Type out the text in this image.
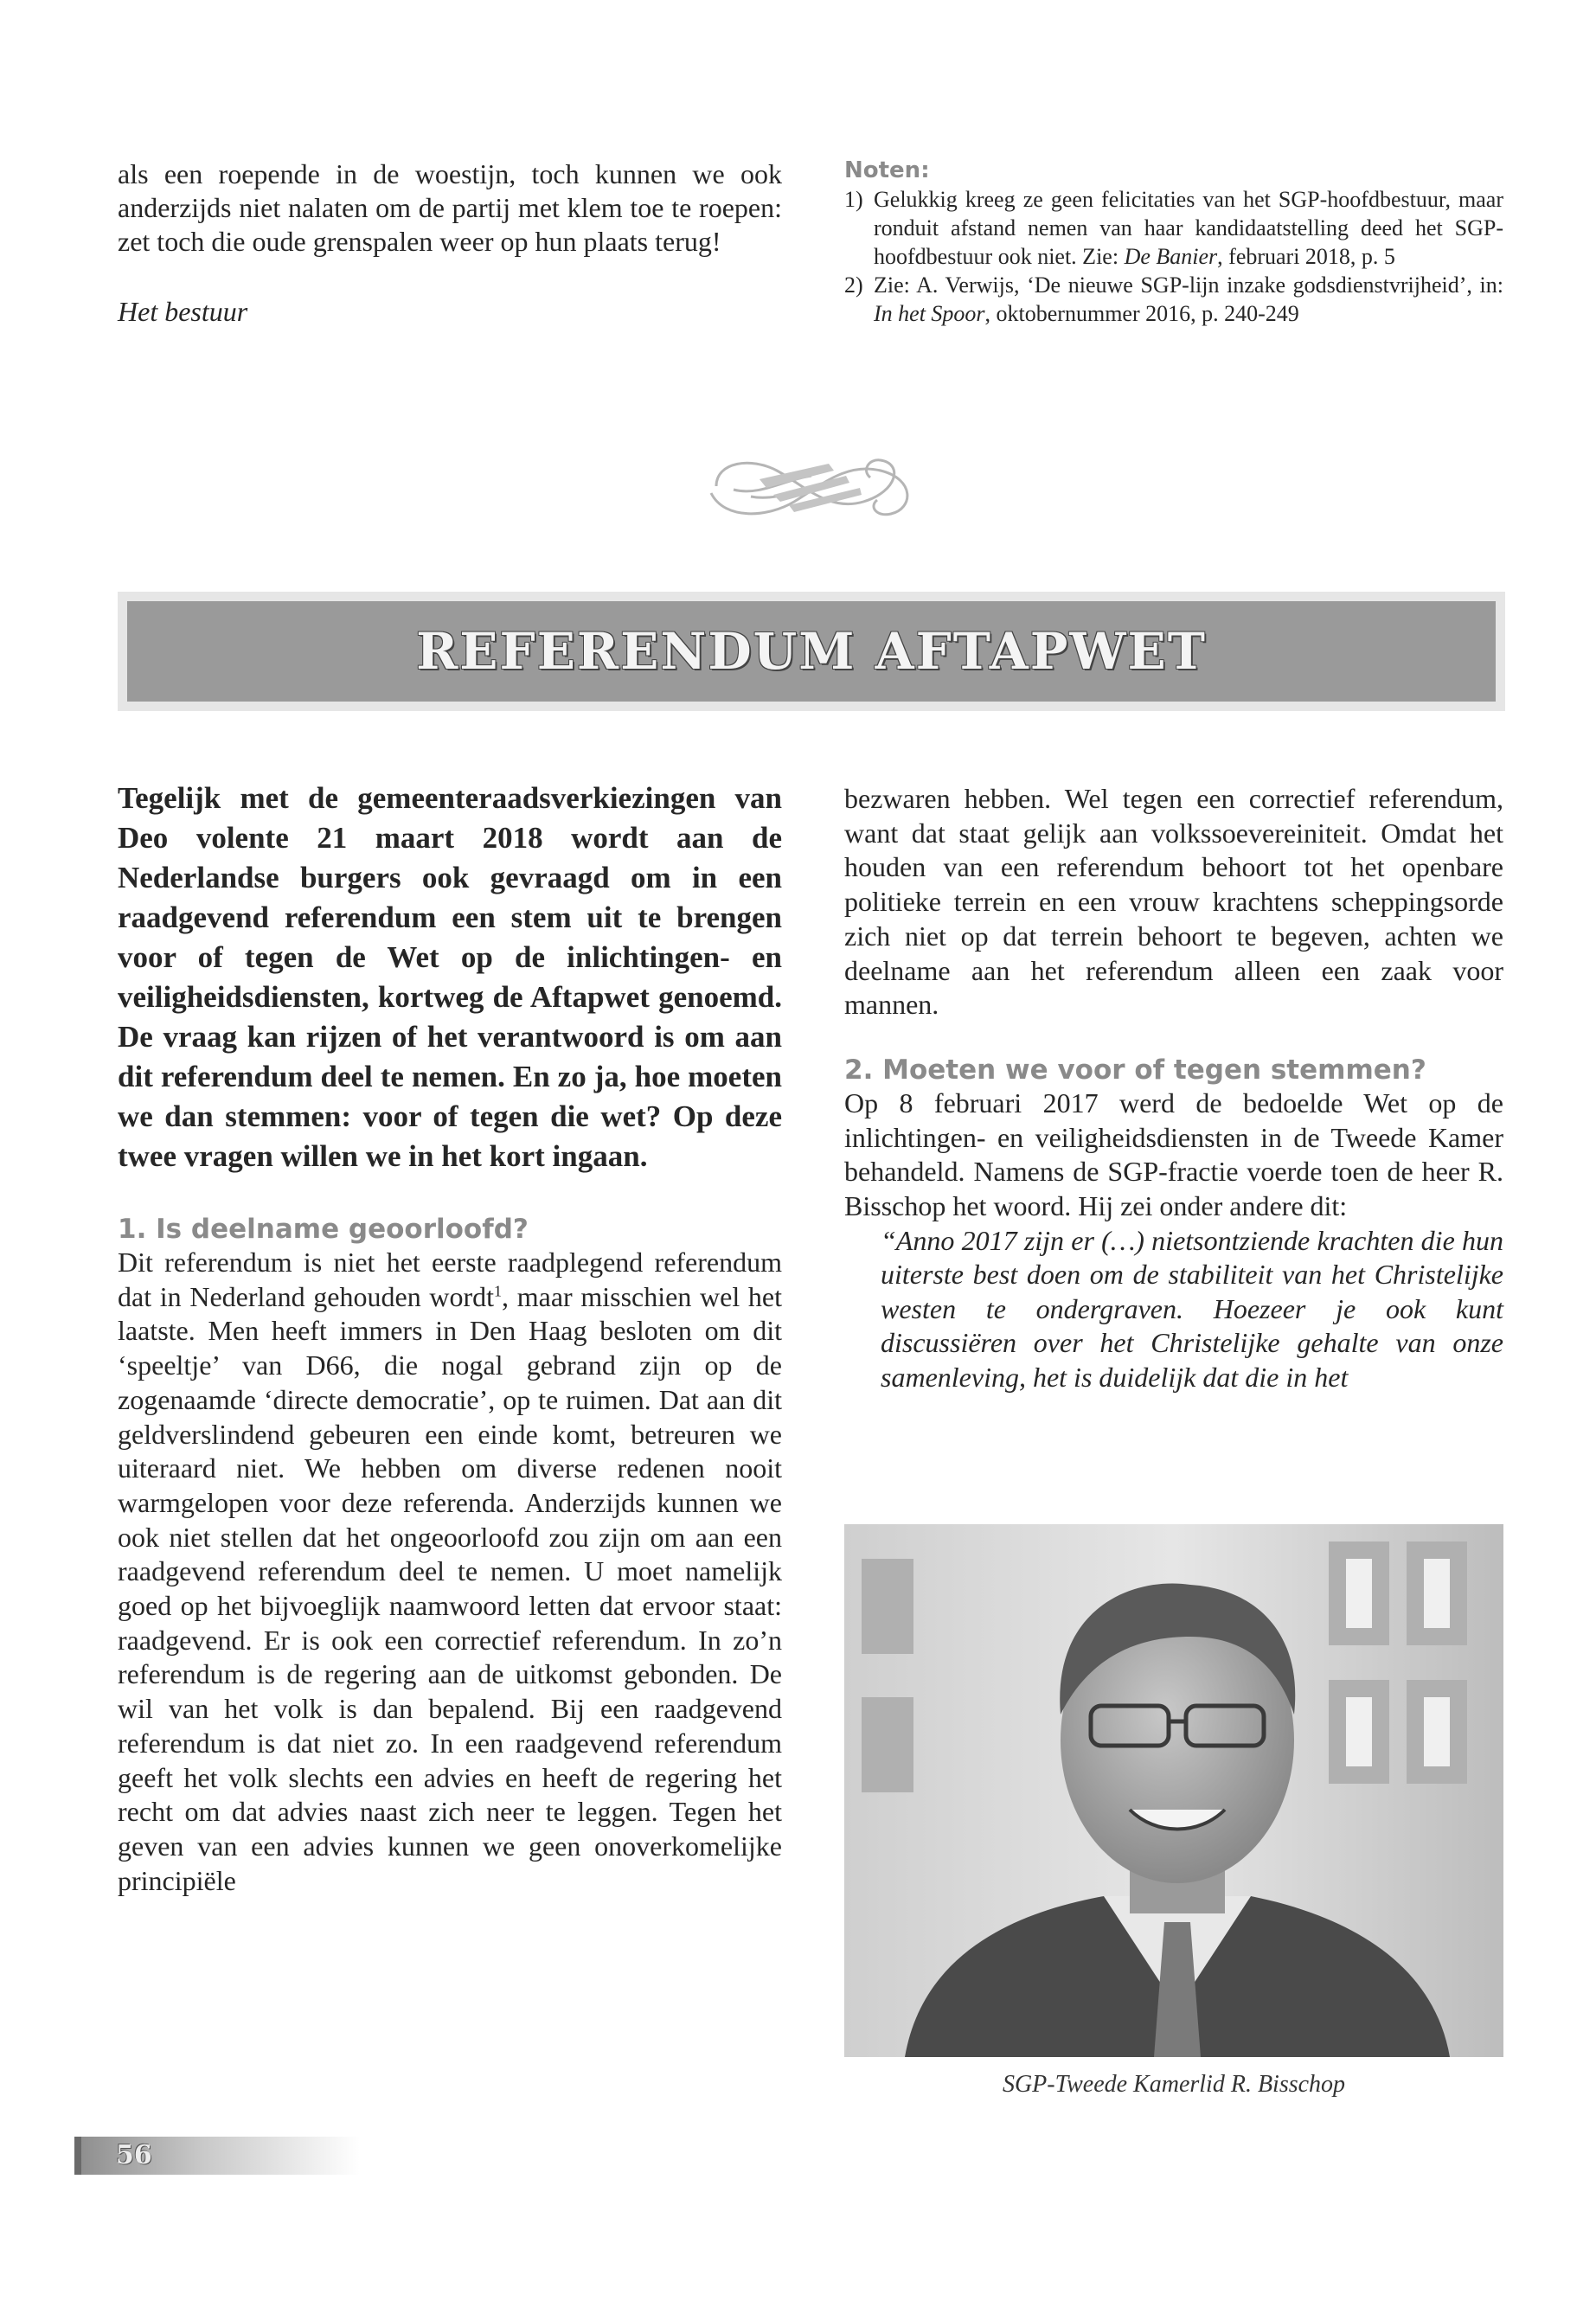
als een roepende in de woestijn, toch kunnen we ook anderzijds niet nalaten om de partij met klem toe te roepen: zet toch die oude grenspalen weer op hun plaats terug!

Het bestuur

Noten:
1) Gelukkig kreeg ze geen felicitaties van het SGP-hoofdbestuur, maar ronduit afstand nemen van haar kandidaatstelling deed het SGP-hoofdbestuur ook niet. Zie: De Banier, februari 2018, p. 5
2) Zie: A. Verwijs, ‘De nieuwe SGP-lijn inzake godsdienstvrijheid’, in: In het Spoor, oktobernummer 2016, p. 240-249
REFERENDUM AFTAPWET

Tegelijk met de gemeenteraadsverkiezingen van Deo volente 21 maart 2018 wordt aan de Nederlandse burgers ook gevraagd om in een raadgevend referendum een stem uit te brengen voor of tegen de Wet op de inlichtingen- en veiligheidsdiensten, kortweg de Aftapwet genoemd. De vraag kan rijzen of het verantwoord is om aan dit referendum deel te nemen. En zo ja, hoe moeten we dan stemmen: voor of tegen die wet? Op deze twee vragen willen we in het kort ingaan.

1. Is deelname geoorloofd?

Dit referendum is niet het eerste raadplegend referendum dat in Nederland gehouden wordt$^1$, maar misschien wel het laatste. Men heeft immers in Den Haag besloten om dit ‘speeltje’ van D66, die nogal gebrand zijn op de zogenaamde ‘directe democratie’, op te ruimen. Dat aan dit geldverslindend gebeuren een einde komt, betreuren we uiteraard niet. We hebben om diverse redenen nooit warmgelopen voor deze referenda. Anderzijds kunnen we ook niet stellen dat het ongeoorloofd zou zijn om aan een raadgevend referendum deel te nemen. U moet namelijk goed op het bijvoeglijk naamwoord letten dat ervoor staat: raadgevend. Er is ook een correctief referendum. In zo’n referendum is de regering aan de uitkomst gebonden. De wil van het volk is dan bepalend. Bij een raadgevend referendum is dat niet zo. In een raadgevend referendum geeft het volk slechts een advies en heeft de regering het recht om dat advies naast zich neer te leggen. Tegen het geven van een advies kunnen we geen onoverkomelijke principiële

bezwaren hebben. Wel tegen een correctief referendum, want dat staat gelijk aan volkssoevereiniteit. Omdat het houden van een referendum behoort tot het openbare politieke terrein en een vrouw krachtens scheppingsorde zich niet op dat terrein behoort te begeven, achten we deelname aan het referendum alleen een zaak voor mannen.

2. Moeten we voor of tegen stemmen?

Op 8 februari 2017 werd de bedoelde Wet op de inlichtingen- en veiligheidsdiensten in de Tweede Kamer behandeld. Namens de SGP-fractie voerde toen de heer R. Bisschop het woord. Hij zei onder andere dit:

“Anno 2017 zijn er (…) nietsontziende krachten die hun uiterste best doen om de stabiliteit van het Christelijke westen te ondergraven. Hoezeer je ook kunt discussiëren over het Christelijke gehalte van onze samenleving, het is duidelijk dat die in het

SGP-Tweede Kamerlid R. Bisschop
56
